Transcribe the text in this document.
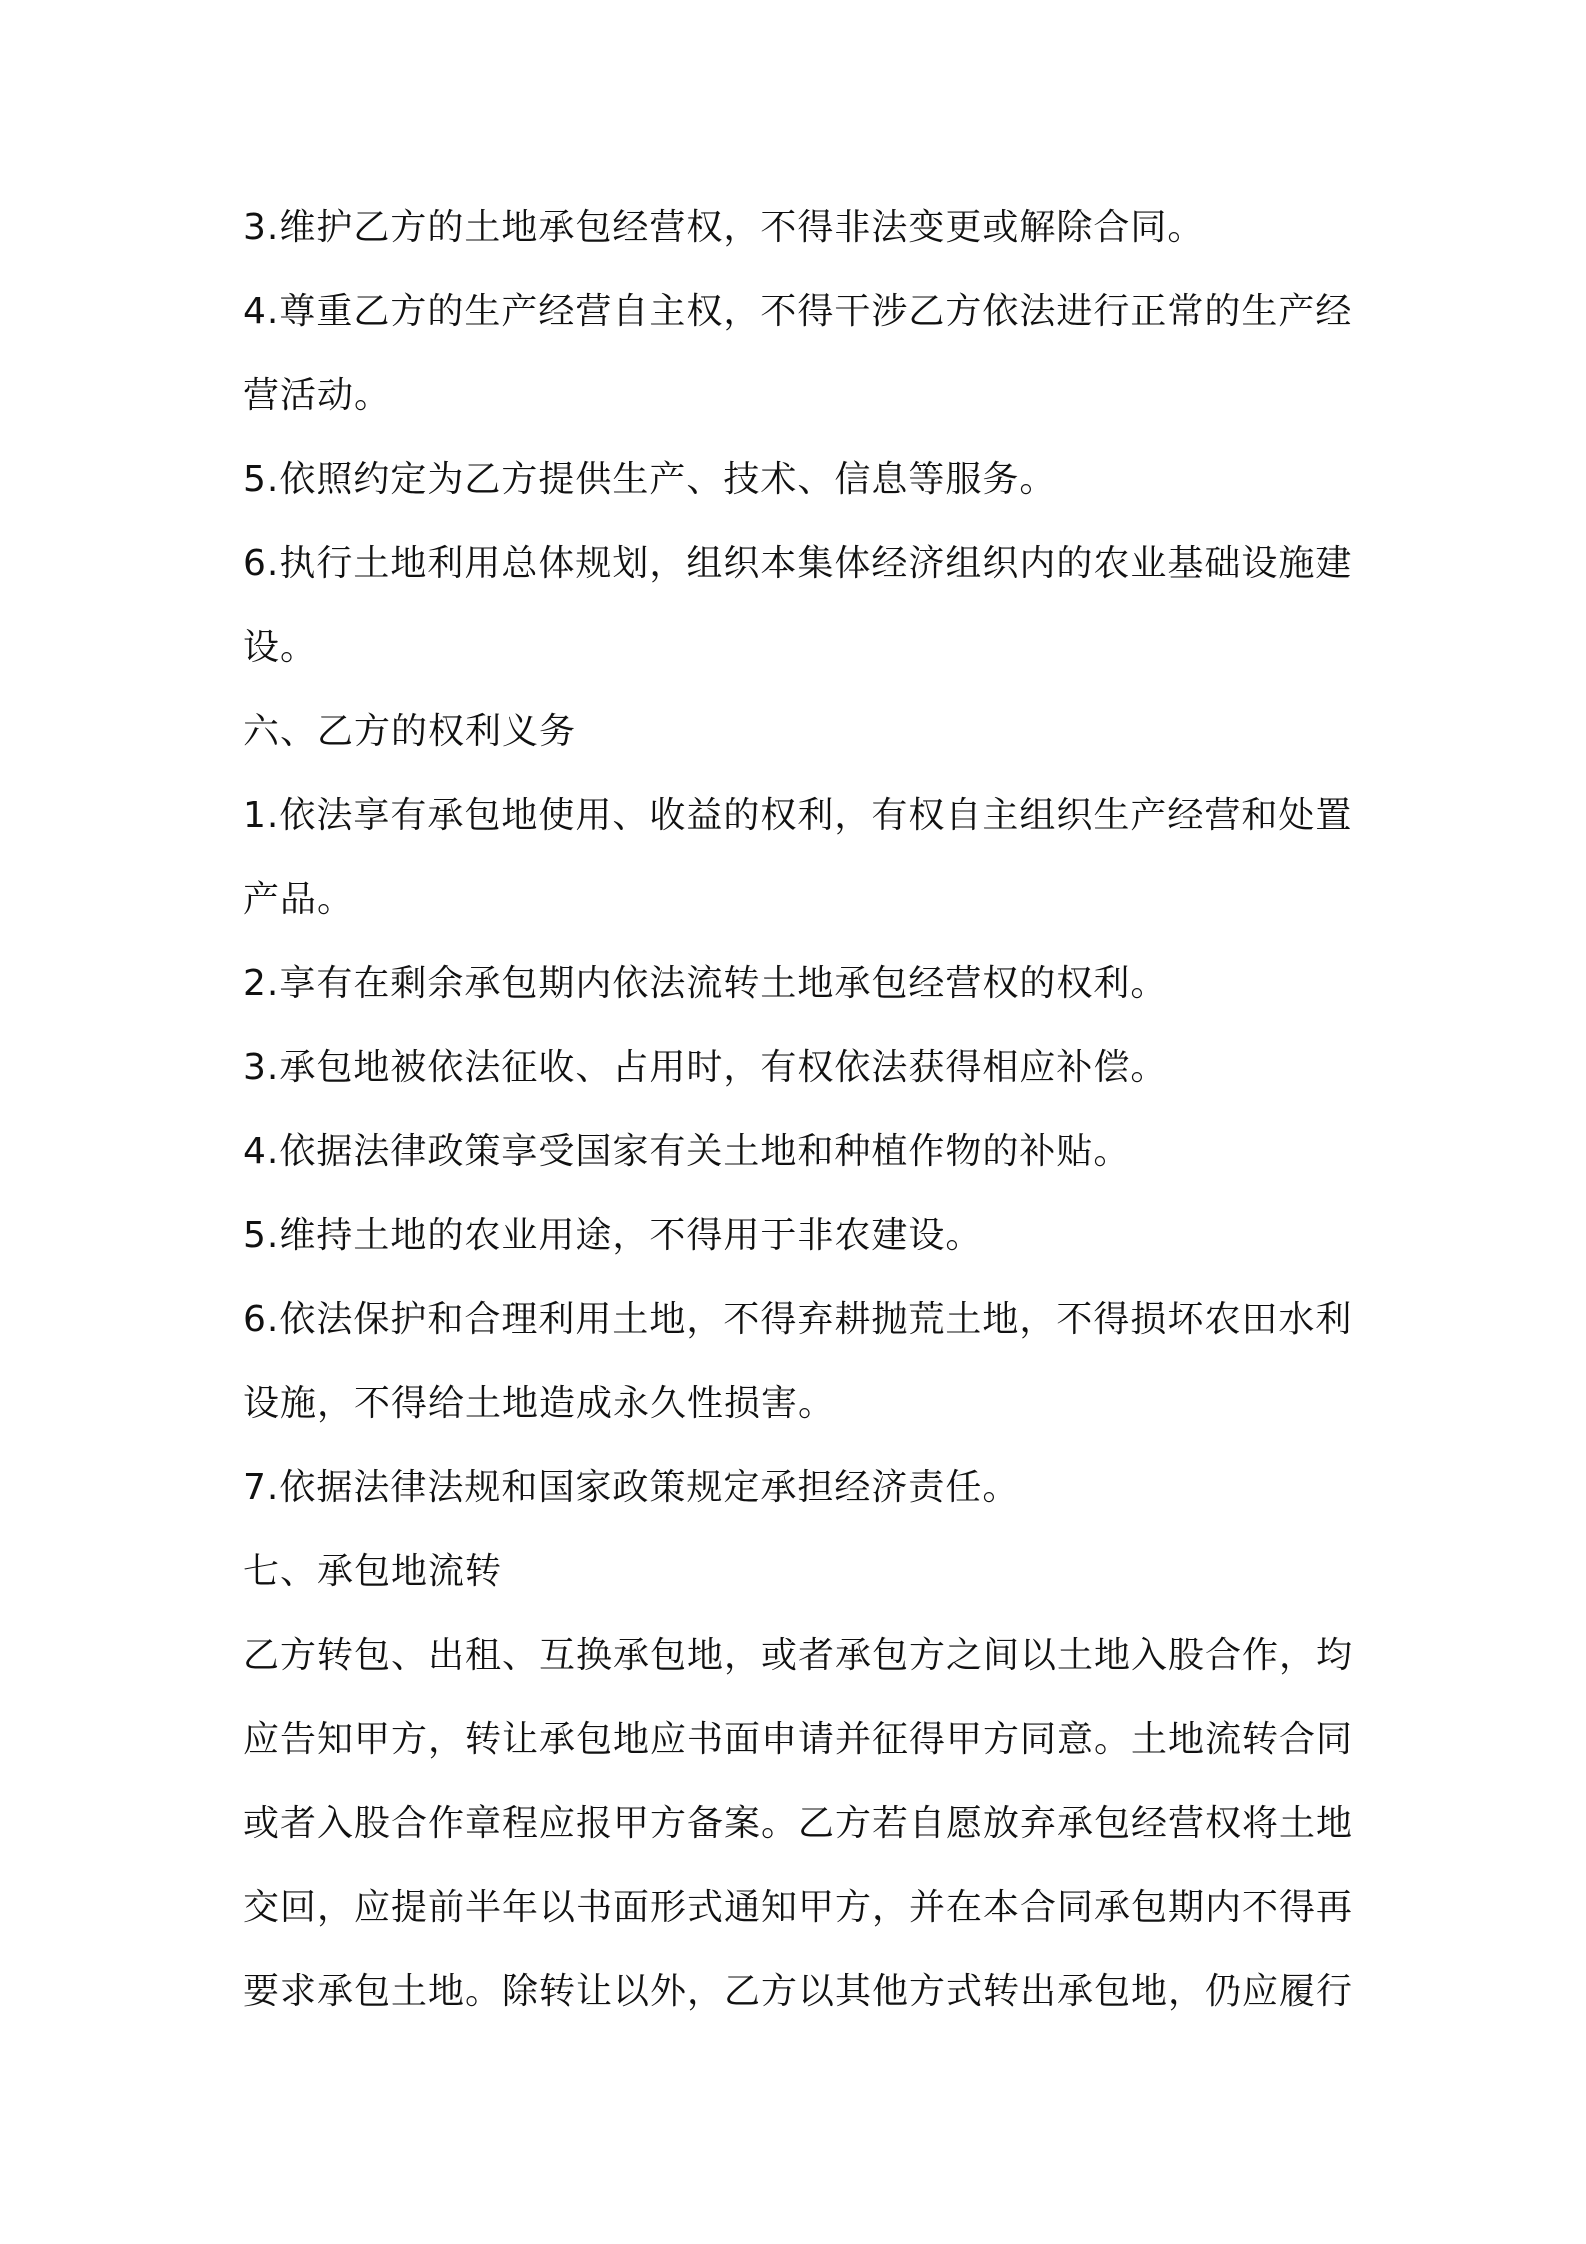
3.维护乙方的土地承包经营权，不得非法变更或解除合同。
4.尊重乙方的生产经营自主权，不得干涉乙方依法进行正常的生产经
营活动。
5.依照约定为乙方提供生产、技术、信息等服务。
6.执行土地利用总体规划，组织本集体经济组织内的农业基础设施建
设。
六、乙方的权利义务
1.依法享有承包地使用、收益的权利，有权自主组织生产经营和处置
产品。
2.享有在剩余承包期内依法流转土地承包经营权的权利。
3.承包地被依法征收、占用时，有权依法获得相应补偿。
4.依据法律政策享受国家有关土地和种植作物的补贴。
5.维持土地的农业用途，不得用于非农建设。
6.依法保护和合理利用土地，不得弃耕抛荒土地，不得损坏农田水利
设施，不得给土地造成永久性损害。
7.依据法律法规和国家政策规定承担经济责任。
七、承包地流转
乙方转包、出租、互换承包地，或者承包方之间以土地入股合作，均
应告知甲方，转让承包地应书面申请并征得甲方同意。土地流转合同
或者入股合作章程应报甲方备案。乙方若自愿放弃承包经营权将土地
交回，应提前半年以书面形式通知甲方，并在本合同承包期内不得再
要求承包土地。除转让以外，乙方以其他方式转出承包地，仍应履行
